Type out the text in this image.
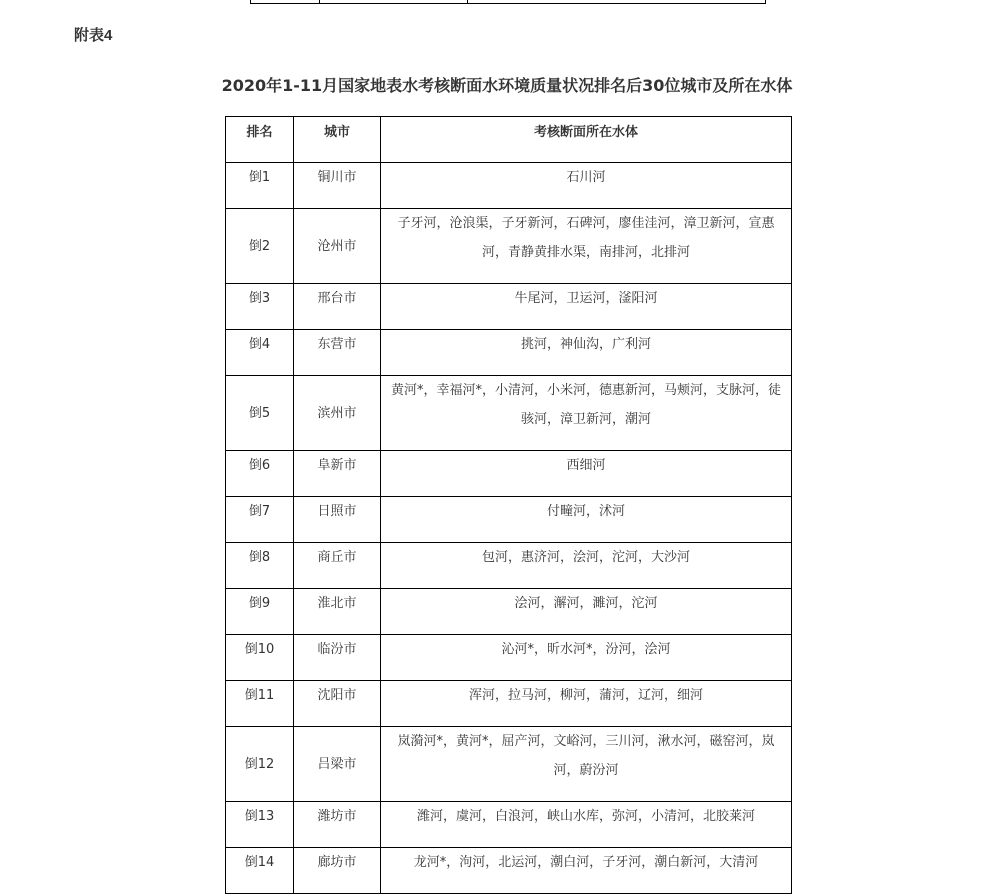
附表4
2020年1-11月国家地表水考核断面水环境质量状况排名后30位城市及所在水体
排名	城市	考核断面所在水体
倒1	铜川市	石川河
倒2	沧州市	子牙河，沧浪渠，子牙新河，石碑河，廖佳洼河，漳卫新河，宣惠河，青静黄排水渠，南排河，北排河
倒3	邢台市	牛尾河，卫运河，滏阳河
倒4	东营市	挑河，神仙沟，广利河
倒5	滨州市	黄河*，幸福河*，小清河，小米河，德惠新河，马颊河，支脉河，徒骇河，漳卫新河，潮河
倒6	阜新市	西细河
倒7	日照市	付疃河，沭河
倒8	商丘市	包河，惠济河，浍河，沱河，大沙河
倒9	淮北市	浍河，澥河，濉河，沱河
倒10	临汾市	沁河*，昕水河*，汾河，浍河
倒11	沈阳市	浑河，拉马河，柳河，蒲河，辽河，细河
倒12	吕梁市	岚漪河*，黄河*，屈产河，文峪河，三川河，湫水河，磁窑河，岚河，蔚汾河
倒13	潍坊市	潍河，虞河，白浪河，峡山水库，弥河，小清河，北胶莱河
倒14	廊坊市	龙河*，泃河，北运河，潮白河，子牙河，潮白新河，大清河
